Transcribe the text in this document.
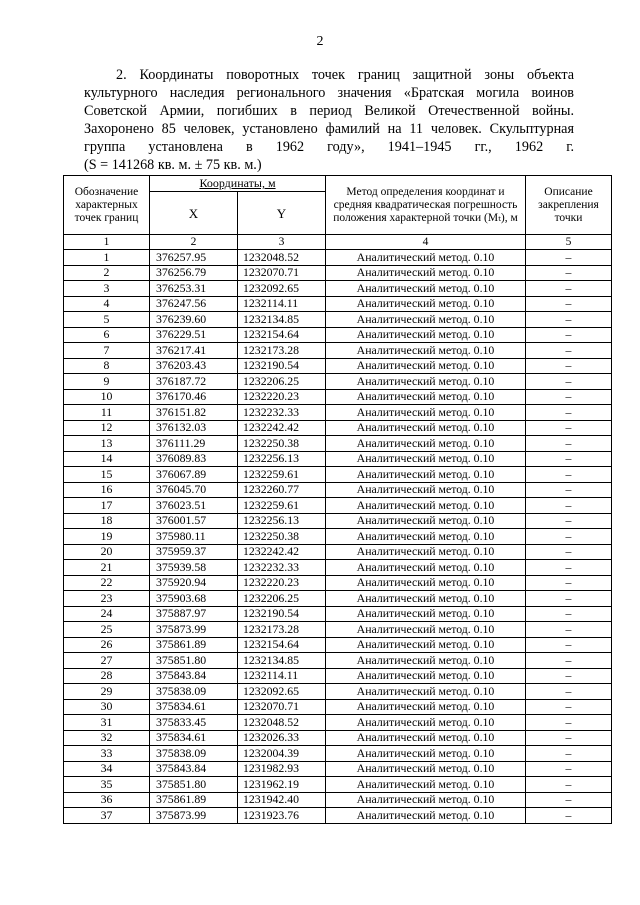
2
2. Координаты поворотных точек границ защитной зоны объекта
культурного наследия регионального значения «Братская могила воинов
Советской Армии, погибших в период Великой Отечественной войны.
Захоронено 85 человек, установлено фамилий на 11 человек. Скульптурная
группа установлена в 1962 году», 1941–1945 гг., 1962 г.
(S = 141268 кв. м. ± 75 кв. м.)
Обозначение характерных точек границ	Координаты, м		Метод определения координат и средняя квадратическая погрешность положения характерной точки (Mₜ), м	Описание закрепления точки
	X	Y		
1	2	3	4	5
1	376257.95	1232048.52	Аналитический метод. 0.10	–
2	376256.79	1232070.71	Аналитический метод. 0.10	–
3	376253.31	1232092.65	Аналитический метод. 0.10	–
4	376247.56	1232114.11	Аналитический метод. 0.10	–
5	376239.60	1232134.85	Аналитический метод. 0.10	–
6	376229.51	1232154.64	Аналитический метод. 0.10	–
7	376217.41	1232173.28	Аналитический метод. 0.10	–
8	376203.43	1232190.54	Аналитический метод. 0.10	–
9	376187.72	1232206.25	Аналитический метод. 0.10	–
10	376170.46	1232220.23	Аналитический метод. 0.10	–
11	376151.82	1232232.33	Аналитический метод. 0.10	–
12	376132.03	1232242.42	Аналитический метод. 0.10	–
13	376111.29	1232250.38	Аналитический метод. 0.10	–
14	376089.83	1232256.13	Аналитический метод. 0.10	–
15	376067.89	1232259.61	Аналитический метод. 0.10	–
16	376045.70	1232260.77	Аналитический метод. 0.10	–
17	376023.51	1232259.61	Аналитический метод. 0.10	–
18	376001.57	1232256.13	Аналитический метод. 0.10	–
19	375980.11	1232250.38	Аналитический метод. 0.10	–
20	375959.37	1232242.42	Аналитический метод. 0.10	–
21	375939.58	1232232.33	Аналитический метод. 0.10	–
22	375920.94	1232220.23	Аналитический метод. 0.10	–
23	375903.68	1232206.25	Аналитический метод. 0.10	–
24	375887.97	1232190.54	Аналитический метод. 0.10	–
25	375873.99	1232173.28	Аналитический метод. 0.10	–
26	375861.89	1232154.64	Аналитический метод. 0.10	–
27	375851.80	1232134.85	Аналитический метод. 0.10	–
28	375843.84	1232114.11	Аналитический метод. 0.10	–
29	375838.09	1232092.65	Аналитический метод. 0.10	–
30	375834.61	1232070.71	Аналитический метод. 0.10	–
31	375833.45	1232048.52	Аналитический метод. 0.10	–
32	375834.61	1232026.33	Аналитический метод. 0.10	–
33	375838.09	1232004.39	Аналитический метод. 0.10	–
34	375843.84	1231982.93	Аналитический метод. 0.10	–
35	375851.80	1231962.19	Аналитический метод. 0.10	–
36	375861.89	1231942.40	Аналитический метод. 0.10	–
37	375873.99	1231923.76	Аналитический метод. 0.10	–
